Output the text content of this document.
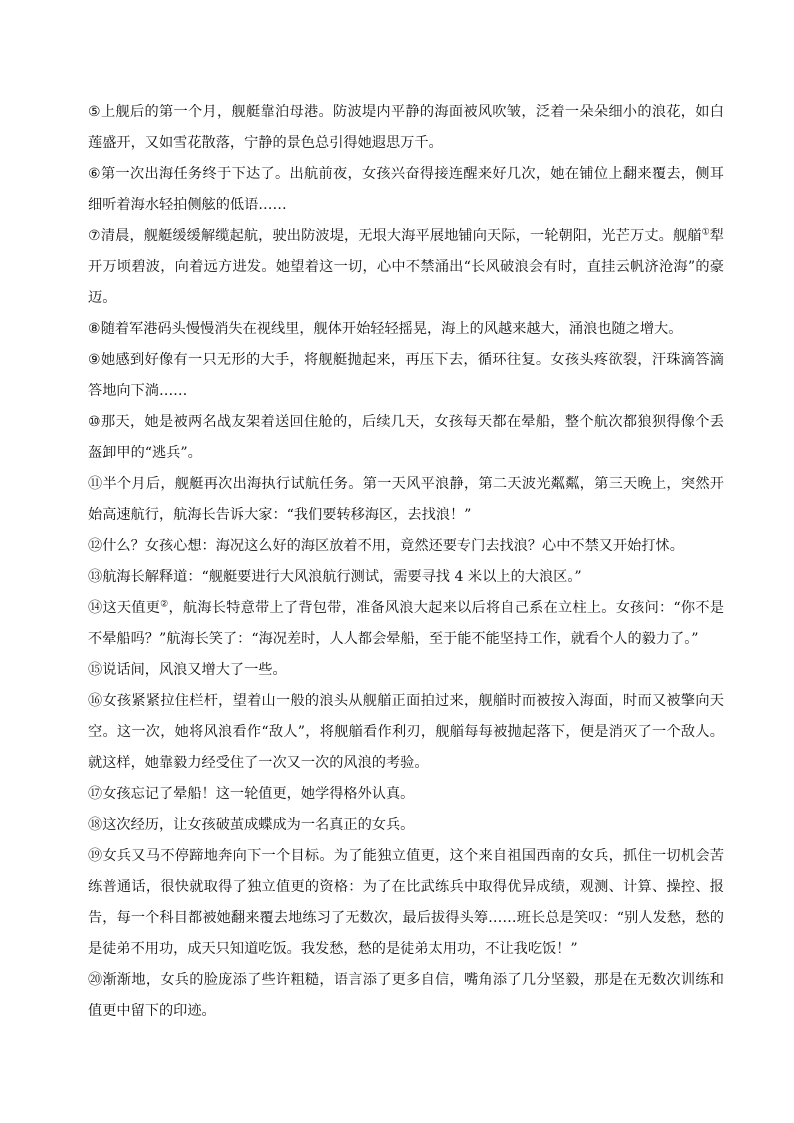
⑤上舰后的第一个月，舰艇靠泊母港。防波堤内平静的海面被风吹皱，泛着一朵朵细小的浪花，如白莲盛开，又如雪花散落，宁静的景色总引得她遐思万千。

⑥第一次出海任务终于下达了。出航前夜，女孩兴奋得接连醒来好几次，她在铺位上翻来覆去，侧耳细听着海水轻拍侧舷的低语……

⑦清晨，舰艇缓缓解缆起航，驶出防波堤，无垠大海平展地铺向天际，一轮朝阳，光芒万丈。舰艏①犁开万顷碧波，向着远方进发。她望着这一切，心中不禁涌出“长风破浪会有时，直挂云帆济沧海”的豪迈。

⑧随着军港码头慢慢消失在视线里，舰体开始轻轻摇晃，海上的风越来越大，涌浪也随之增大。

⑨她感到好像有一只无形的大手，将舰艇抛起来，再压下去，循环往复。女孩头疼欲裂，汗珠滴答滴答地向下淌……

⑩那天，她是被两名战友架着送回住舱的，后续几天，女孩每天都在晕船，整个航次都狼狈得像个丢盔卸甲的“逃兵”。

⑪半个月后，舰艇再次出海执行试航任务。第一天风平浪静，第二天波光粼粼，第三天晚上，突然开始高速航行，航海长告诉大家：“我们要转移海区，去找浪！”

⑫什么？女孩心想：海况这么好的海区放着不用，竟然还要专门去找浪？心中不禁又开始打怵。

⑬航海长解释道：“舰艇要进行大风浪航行测试，需要寻找 4 米以上的大浪区。”

⑭这天值更②，航海长特意带上了背包带，准备风浪大起来以后将自己系在立柱上。女孩问：“你不是不晕船吗？”航海长笑了：“海况差时，人人都会晕船，至于能不能坚持工作，就看个人的毅力了。”

⑮说话间，风浪又增大了一些。

⑯女孩紧紧拉住栏杆，望着山一般的浪头从舰艏正面拍过来，舰艏时而被按入海面，时而又被擎向天空。这一次，她将风浪看作“敌人”，将舰艏看作利刃，舰艏每每被抛起落下，便是消灭了一个敌人。就这样，她靠毅力经受住了一次又一次的风浪的考验。

⑰女孩忘记了晕船！这一轮值更，她学得格外认真。

⑱这次经历，让女孩破茧成蝶成为一名真正的女兵。

⑲女兵又马不停蹄地奔向下一个目标。为了能独立值更，这个来自祖国西南的女兵，抓住一切机会苦练普通话，很快就取得了独立值更的资格：为了在比武练兵中取得优异成绩，观测、计算、操控、报告，每一个科目都被她翻来覆去地练习了无数次，最后拔得头筹……班长总是笑叹：“别人发愁，愁的是徒弟不用功，成天只知道吃饭。我发愁，愁的是徒弟太用功，不让我吃饭！”

⑳渐渐地，女兵的脸庞添了些许粗糙，语言添了更多自信，嘴角添了几分坚毅，那是在无数次训练和值更中留下的印迹。
